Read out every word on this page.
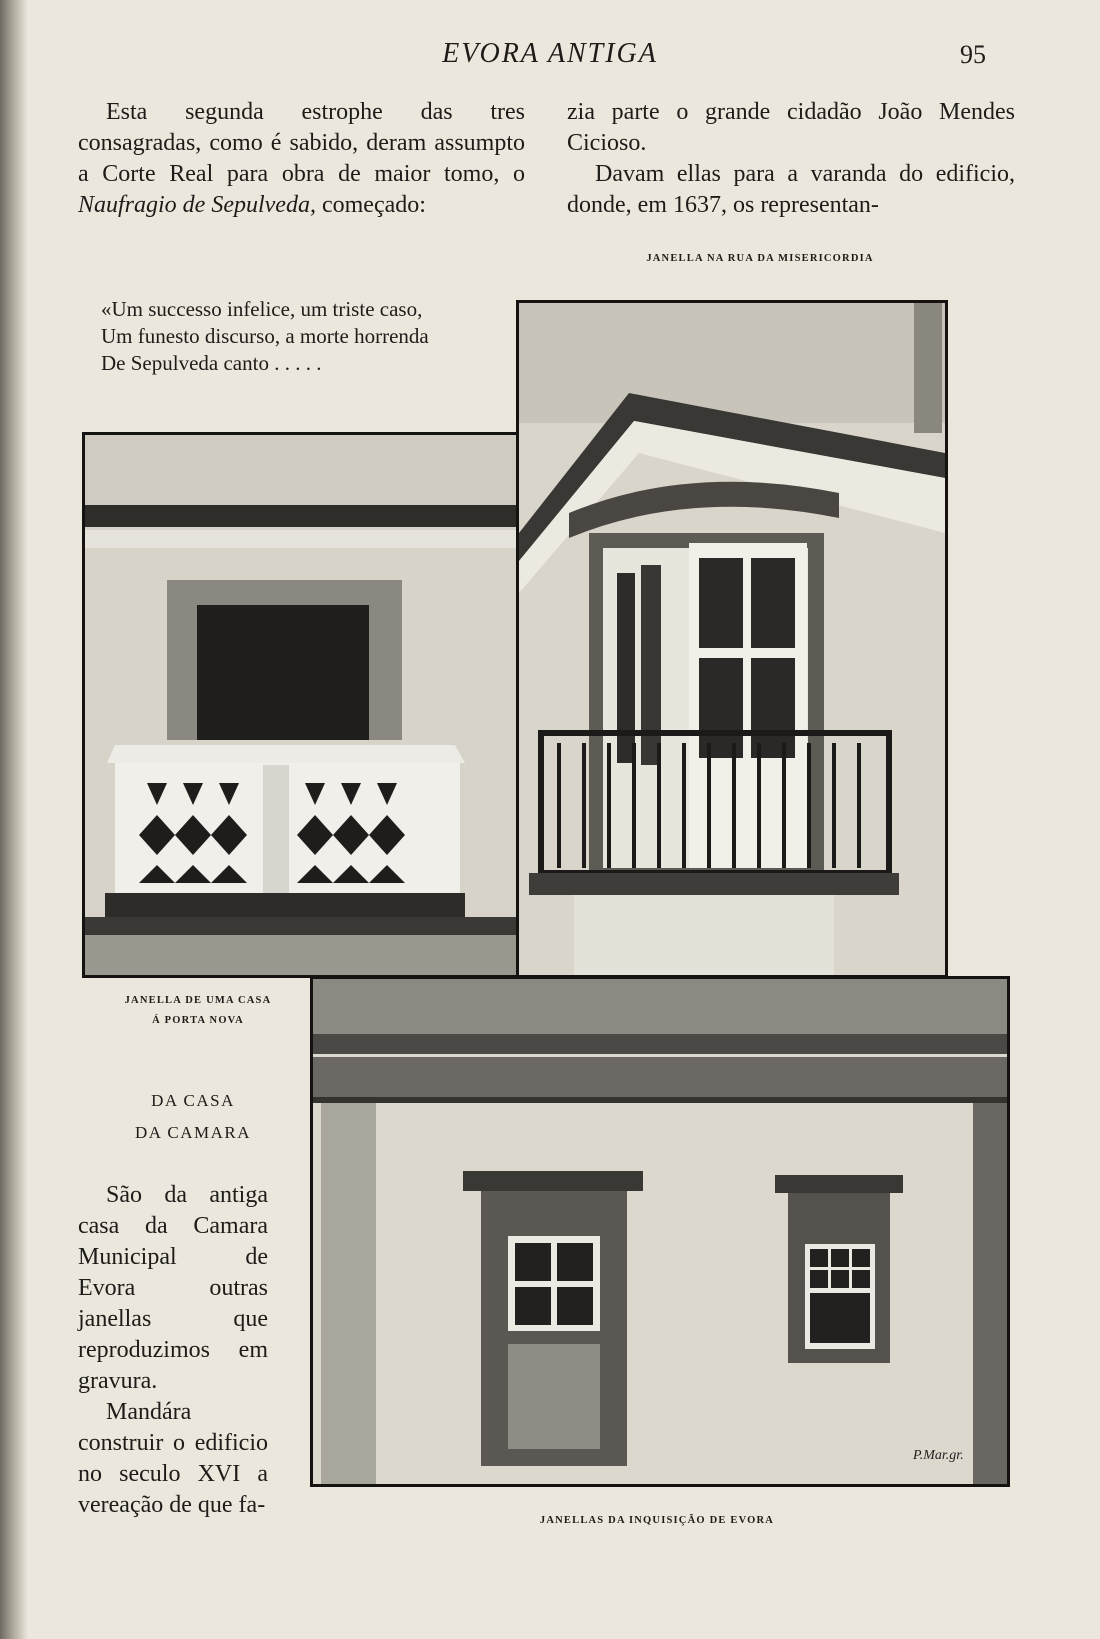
EVORA ANTIGA	95

Esta segunda estrophe das tres consagradas, como é sabido, deram assumpto a Corte Real para obra de maior tomo, o Naufragio de Sepulveda, começado:

«Um successo infelice, um triste caso,
Um funesto discurso, a morte horrenda
De Sepulveda canto . . . . .

zia parte o grande cidadão João Mendes Cicioso.

Davam ellas para a varanda do edificio, donde, em 1637, os representan-

JANELLA NA RUA DA MISERICORDIA
JANELLA DE UMA CASA
Á PORTA NOVA
DA CASA
DA CAMARA

São da antiga casa da Camara Municipal de Evora outras janellas que reproduzimos em gravura.

Mandára construir o edificio no seculo XVI a vereação de que fa-

P.Mar.gr.
JANELLAS DA INQUISIÇÃO DE EVORA
